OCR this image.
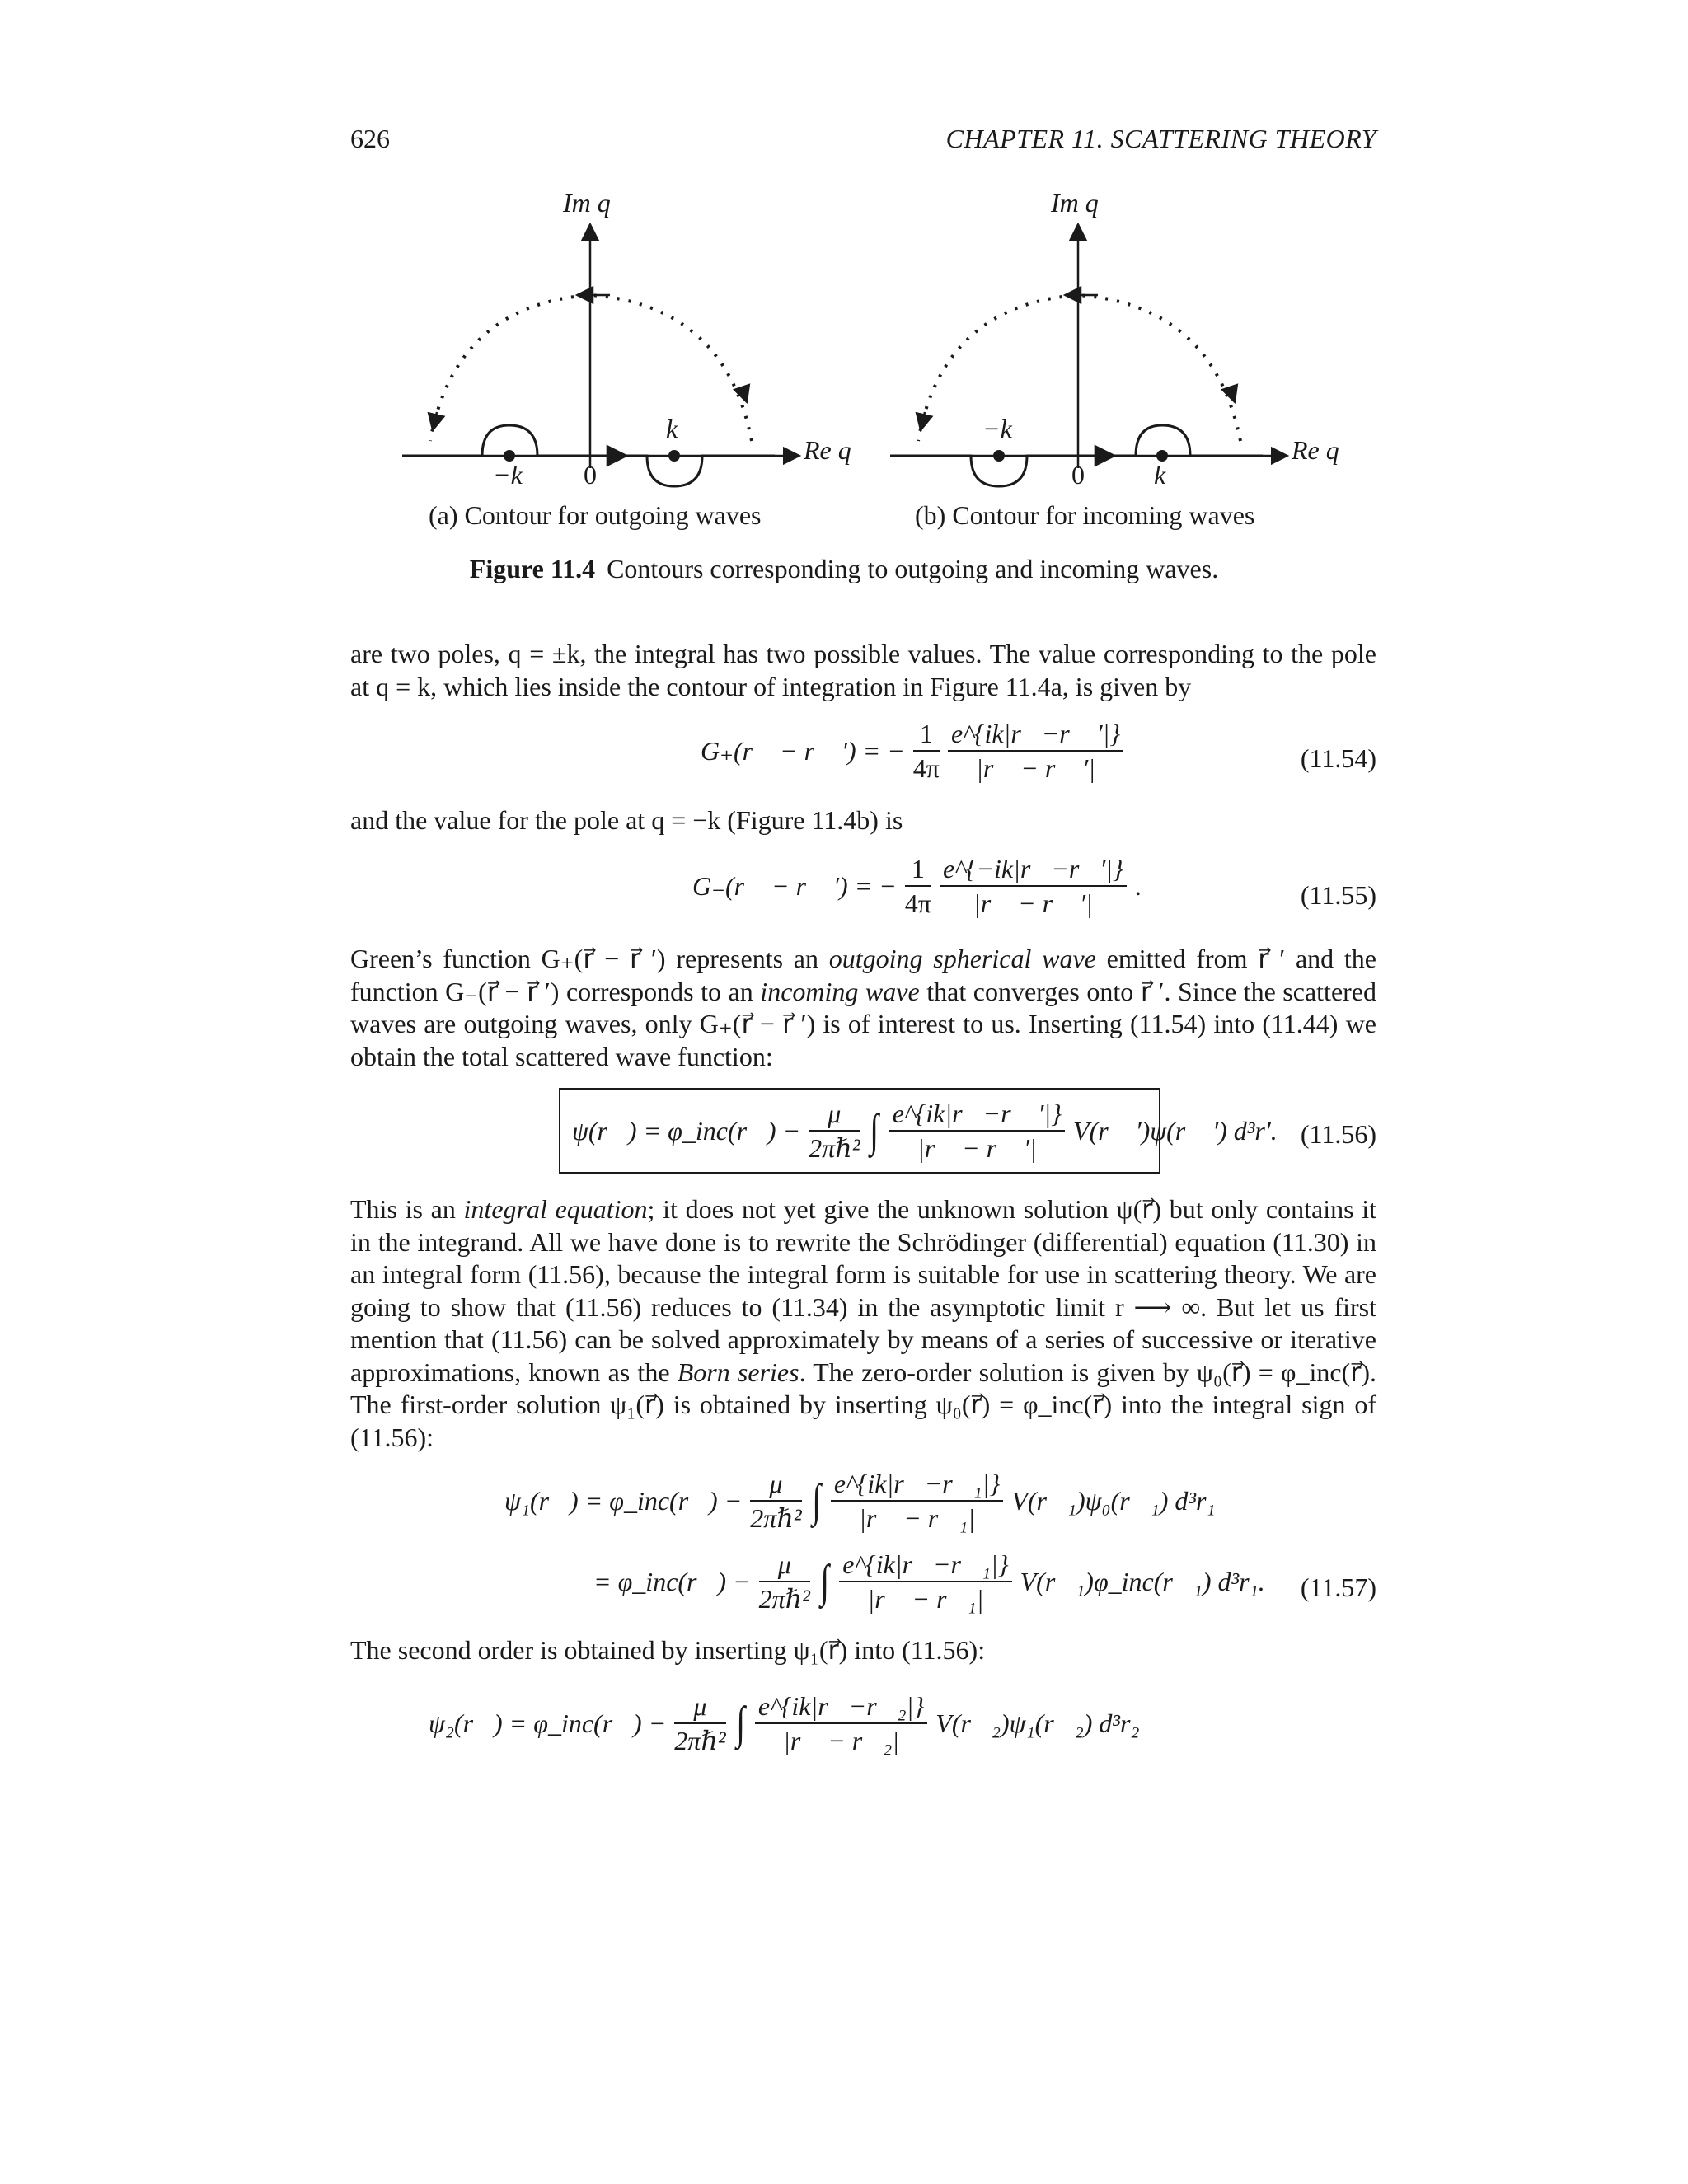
626	CHAPTER 11. SCATTERING THEORY
Im q
Re q
−k 0
k
(a) Contour for outgoing waves
Im q
Re q
−k
0	k
(b) Contour for incoming waves
Figure 11.4 Contours corresponding to outgoing and incoming waves.
are two poles, q = ±k, the integral has two possible values. The value corresponding to the pole at q = k, which lies inside the contour of integration in Figure 11.4a, is given by
G₊(r⃗ − r⃗ ′) = − $\frac{1}{4\pi} \frac{e\^{}\{ik|r⃗-r⃗ '|\}}{|r⃗ - r⃗ '|}$	(11.54)
and the value for the pole at q = −k (Figure 11.4b) is
G₋(r⃗ − r⃗ ′) = − $\frac{1}{4\pi} \frac{e\^{}\{-ik|r⃗-r⃗'|\}}{|r⃗ - r⃗ '|}$ .	(11.55)
Green’s function G₊(r⃗ − r⃗ ′) represents an outgoing spherical wave emitted from r⃗ ′ and the function G₋(r⃗ − r⃗ ′) corresponds to an incoming wave that converges onto r⃗ ′. Since the scattered waves are outgoing waves, only G₊(r⃗ − r⃗ ′) is of interest to us. Inserting (11.54) into (11.44) we obtain the total scattered wave function:
ψ(r⃗) = φ_inc(r⃗) − $\frac{\mu}{\text{2πℏ²}}$ ∫ $\frac{e\^{}\{ik|r⃗-r⃗ '|\}}{|r⃗ - r⃗ '|}$ V(r⃗ ′)ψ(r⃗ ′) d³r′. (11.56)
This is an integral equation; it does not yet give the unknown solution ψ(r⃗) but only contains it in the integrand. All we have done is to rewrite the Schrödinger (differential) equation (11.30) in an integral form (11.56), because the integral form is suitable for use in scattering theory. We are going to show that (11.56) reduces to (11.34) in the asymptotic limit r ⟶ ∞. But let us first mention that (11.56) can be solved approximately by means of a series of successive or iterative approximations, known as the Born series. The zero-order solution is given by ψ₀(r⃗) = φ_inc(r⃗). The first-order solution ψ₁(r⃗) is obtained by inserting ψ₀(r⃗) = φ_inc(r⃗) into the integral sign of (11.56):
ψ₁(r⃗) = φ_inc(r⃗) − $\frac{\mu}{\text{2πℏ²}}$ ∫ $\frac{\text{e\textasciicircum{}\{ik|r⃗−r⃗₁|\}}}{\text{|r⃗ − r⃗₁|}}$ V(r⃗₁)ψ₀(r⃗₁) d³r₁
= φ_inc(r⃗) − $\frac{\mu}{\text{2πℏ²}}$ ∫ $\frac{\text{e\textasciicircum{}\{ik|r⃗−r⃗₁|\}}}{\text{|r⃗ − r⃗₁|}}$ V(r⃗₁)φ_inc(r⃗₁) d³r₁. (11.57)
The second order is obtained by inserting ψ₁(r⃗) into (11.56):
ψ₂(r⃗) = φ_inc(r⃗) − $\frac{\mu}{\text{2πℏ²}}$ ∫ $\frac{\text{e\textasciicircum{}\{ik|r⃗−r⃗₂|\}}}{\text{|r⃗ − r⃗₂|}}$ V(r⃗₂)ψ₁(r⃗₂) d³r₂
